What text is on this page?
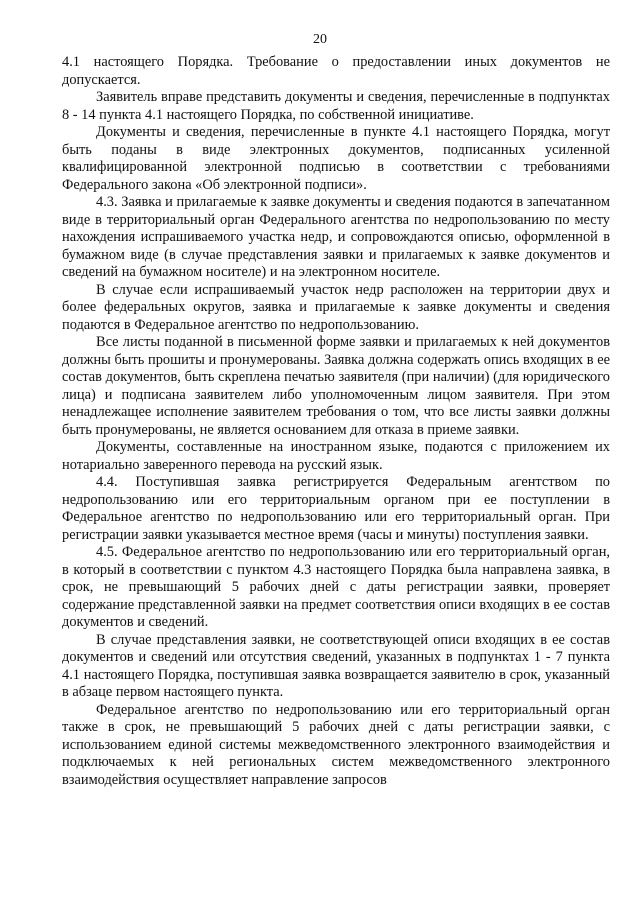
20

4.1 настоящего Порядка. Требование о предоставлении иных документов не допускается.

Заявитель вправе представить документы и сведения, перечисленные в подпунктах 8 - 14 пункта 4.1 настоящего Порядка, по собственной инициативе.

Документы и сведения, перечисленные в пункте 4.1 настоящего Порядка, могут быть поданы в виде электронных документов, подписанных усиленной квалифицированной электронной подписью в соответствии с требованиями Федерального закона «Об электронной подписи».

4.3. Заявка и прилагаемые к заявке документы и сведения подаются в запечатанном виде в территориальный орган Федерального агентства по недропользованию по месту нахождения испрашиваемого участка недр, и сопровождаются описью, оформленной в бумажном виде (в случае представления заявки и прилагаемых к заявке документов и сведений на бумажном носителе) и на электронном носителе.

В случае если испрашиваемый участок недр расположен на территории двух и более федеральных округов, заявка и прилагаемые к заявке документы и сведения подаются в Федеральное агентство по недропользованию.

Все листы поданной в письменной форме заявки и прилагаемых к ней документов должны быть прошиты и пронумерованы. Заявка должна содержать опись входящих в ее состав документов, быть скреплена печатью заявителя (при наличии) (для юридического лица) и подписана заявителем либо уполномоченным лицом заявителя. При этом ненадлежащее исполнение заявителем требования о том, что все листы заявки должны быть пронумерованы, не является основанием для отказа в приеме заявки.

Документы, составленные на иностранном языке, подаются с приложением их нотариально заверенного перевода на русский язык.

4.4. Поступившая заявка регистрируется Федеральным агентством по недропользованию или его территориальным органом при ее поступлении в Федеральное агентство по недропользованию или его территориальный орган. При регистрации заявки указывается местное время (часы и минуты) поступления заявки.

4.5. Федеральное агентство по недропользованию или его территориальный орган, в который в соответствии с пунктом 4.3 настоящего Порядка была направлена заявка, в срок, не превышающий 5 рабочих дней с даты регистрации заявки, проверяет содержание представленной заявки на предмет соответствия описи входящих в ее состав документов и сведений.

В случае представления заявки, не соответствующей описи входящих в ее состав документов и сведений или отсутствия сведений, указанных в подпунктах 1 - 7 пункта 4.1 настоящего Порядка, поступившая заявка возвращается заявителю в срок, указанный в абзаце первом настоящего пункта.

Федеральное агентство по недропользованию или его территориальный орган также в срок, не превышающий 5 рабочих дней с даты регистрации заявки, с использованием единой системы межведомственного электронного взаимодействия и подключаемых к ней региональных систем межведомственного электронного взаимодействия осуществляет направление запросов
